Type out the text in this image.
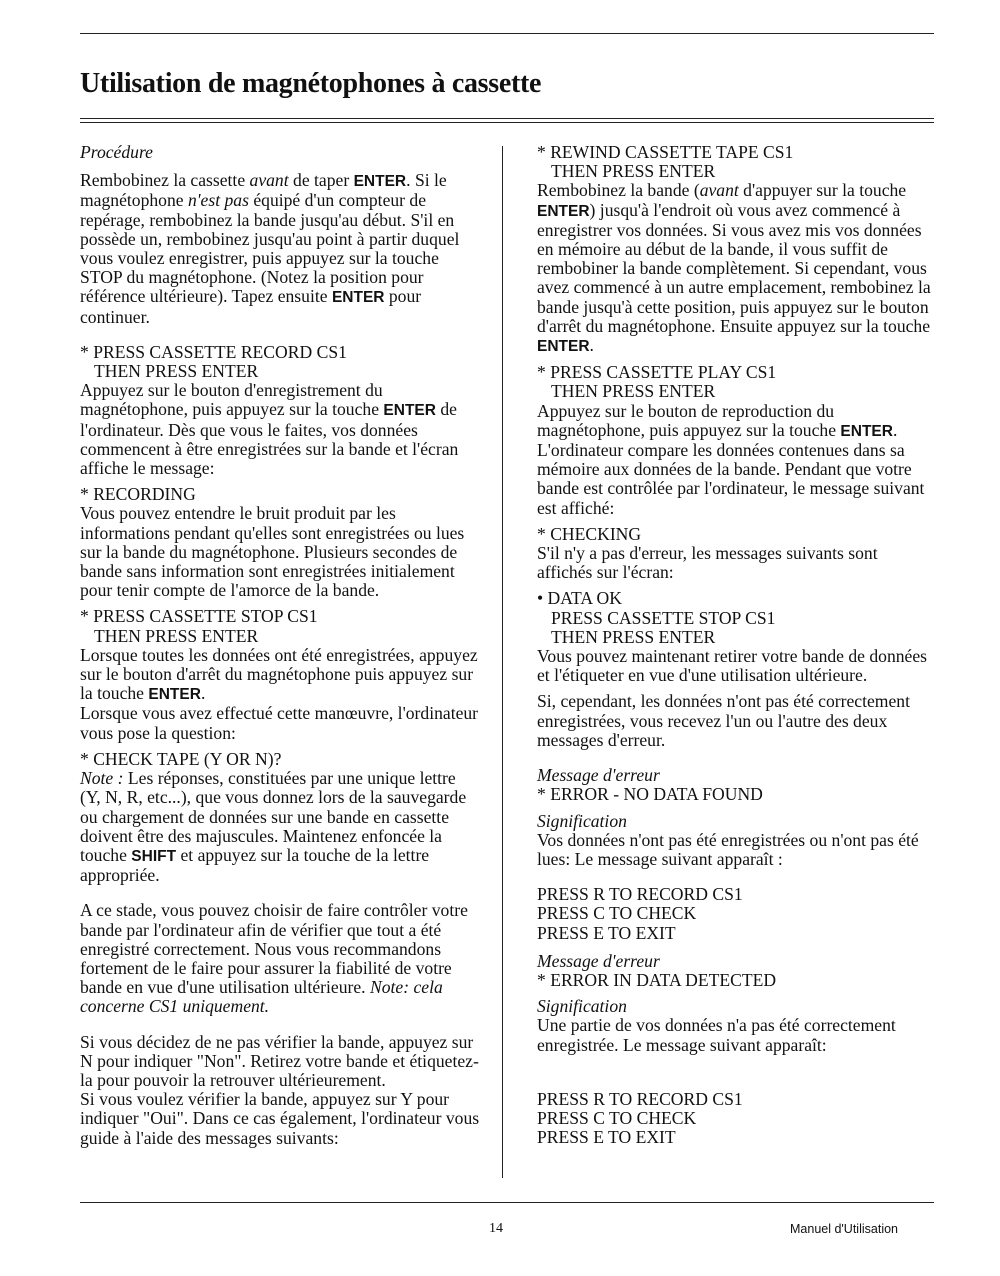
Utilisation de magnétophones à cassette

Procédure

Rembobinez la cassette avant de taper ENTER. Si le magnétophone n'est pas équipé d'un compteur de repérage, rembobinez la bande jusqu'au début. S'il en possède un, rembobinez jusqu'au point à partir duquel vous voulez enregistrer, puis appuyez sur la touche STOP du magnétophone. (Notez la position pour référence ultérieure). Tapez ensuite ENTER pour continuer.

* PRESS CASSETTE RECORD CS1
THEN PRESS ENTER

Appuyez sur le bouton d'enregistrement du magnétophone, puis appuyez sur la touche ENTER de l'ordinateur. Dès que vous le faites, vos données commencent à être enregistrées sur la bande et l'écran affiche le message:

* RECORDING

Vous pouvez entendre le bruit produit par les informations pendant qu'elles sont enregistrées ou lues sur la bande du magnétophone. Plusieurs secondes de bande sans information sont enregistrées initialement pour tenir compte de l'amorce de la bande.

* PRESS CASSETTE STOP CS1
THEN PRESS ENTER

Lorsque toutes les données ont été enregistrées, appuyez sur le bouton d'arrêt du magnétophone puis appuyez sur la touche ENTER.

Lorsque vous avez effectué cette manœuvre, l'ordinateur vous pose la question:

* CHECK TAPE (Y OR N)?

Note : Les réponses, constituées par une unique lettre (Y, N, R, etc...), que vous donnez lors de la sauvegarde ou chargement de données sur une bande en cassette doivent être des majuscules. Maintenez enfoncée la touche SHIFT et appuyez sur la touche de la lettre appropriée.

A ce stade, vous pouvez choisir de faire contrôler votre bande par l'ordinateur afin de vérifier que tout a été enregistré correctement. Nous vous recommandons fortement de le faire pour assurer la fiabilité de votre bande en vue d'une utilisation ultérieure. Note: cela concerne CS1 uniquement.

Si vous décidez de ne pas vérifier la bande, appuyez sur N pour indiquer "Non". Retirez votre bande et étiquetez-la pour pouvoir la retrouver ultérieurement.

Si vous voulez vérifier la bande, appuyez sur Y pour indiquer "Oui". Dans ce cas également, l'ordinateur vous guide à l'aide des messages suivants:

* REWIND CASSETTE TAPE CS1
THEN PRESS ENTER

Rembobinez la bande (avant d'appuyer sur la touche ENTER) jusqu'à l'endroit où vous avez commencé à enregistrer vos données. Si vous avez mis vos données en mémoire au début de la bande, il vous suffit de rembobiner la bande complètement. Si cependant, vous avez commencé à un autre emplacement, rembobinez la bande jusqu'à cette position, puis appuyez sur le bouton d'arrêt du magnétophone. Ensuite appuyez sur la touche ENTER.

* PRESS CASSETTE PLAY CS1
THEN PRESS ENTER

Appuyez sur le bouton de reproduction du magnétophone, puis appuyez sur la touche ENTER. L'ordinateur compare les données contenues dans sa mémoire aux données de la bande. Pendant que votre bande est contrôlée par l'ordinateur, le message suivant est affiché:

* CHECKING

S'il n'y a pas d'erreur, les messages suivants sont affichés sur l'écran:

• DATA OK
PRESS CASSETTE STOP CS1
THEN PRESS ENTER

Vous pouvez maintenant retirer votre bande de données et l'étiqueter en vue d'une utilisation ultérieure.

Si, cependant, les données n'ont pas été correctement enregistrées, vous recevez l'un ou l'autre des deux messages d'erreur.

Message d'erreur

* ERROR - NO DATA FOUND

Signification

Vos données n'ont pas été enregistrées ou n'ont pas été lues: Le message suivant apparaît :

PRESS R TO RECORD CS1
PRESS C TO CHECK
PRESS E TO EXIT

Message d'erreur

* ERROR IN DATA DETECTED

Signification

Une partie de vos données n'a pas été correctement enregistrée. Le message suivant apparaît:

PRESS R TO RECORD CS1
PRESS C TO CHECK
PRESS E TO EXIT
14	Manuel d'Utilisation
